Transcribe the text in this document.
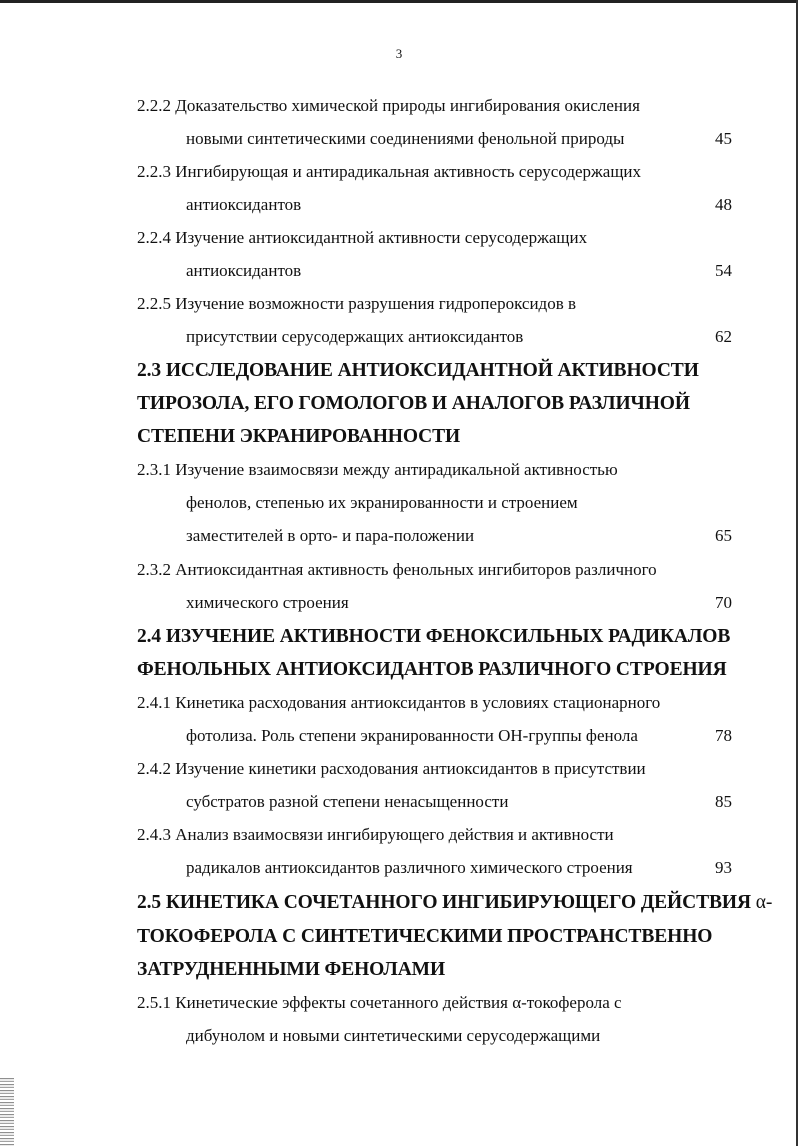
3
2.2.2 Доказательство химической природы ингибирования окисления
новыми синтетическими соединениями фенольной природы	45
2.2.3 Ингибирующая и антирадикальная активность серусодержащих
антиоксидантов	48
2.2.4 Изучение антиоксидантной активности серусодержащих
антиоксидантов	54
2.2.5 Изучение возможности разрушения гидропероксидов в
присутствии серусодержащих антиоксидантов	62
2.3 ИССЛЕДОВАНИЕ АНТИОКСИДАНТНОЙ АКТИВНОСТИ
ТИРОЗОЛА, ЕГО ГОМОЛОГОВ И АНАЛОГОВ РАЗЛИЧНОЙ
СТЕПЕНИ ЭКРАНИРОВАННОСТИ
2.3.1 Изучение взаимосвязи между антирадикальной активностью
фенолов, степенью их экранированности и строением
заместителей в орто- и пара-положении	65
2.3.2 Антиоксидантная активность фенольных ингибиторов различного
химического строения	70
2.4 ИЗУЧЕНИЕ АКТИВНОСТИ ФЕНОКСИЛЬНЫХ РАДИКАЛОВ
ФЕНОЛЬНЫХ АНТИОКСИДАНТОВ РАЗЛИЧНОГО СТРОЕНИЯ
2.4.1 Кинетика расходования антиоксидантов в условиях стационарного
фотолиза. Роль степени экранированности ОН-группы фенола	78
2.4.2 Изучение кинетики расходования антиоксидантов в присутствии
субстратов разной степени ненасыщенности	85
2.4.3 Анализ взаимосвязи ингибирующего действия и активности
радикалов антиоксидантов различного химического строения	93
2.5 КИНЕТИКА СОЧЕТАННОГО ИНГИБИРУЮЩЕГО ДЕЙСТВИЯ α-
ТОКОФЕРОЛА С СИНТЕТИЧЕСКИМИ ПРОСТРАНСТВЕННО
ЗАТРУДНЕННЫМИ ФЕНОЛАМИ
2.5.1 Кинетические эффекты сочетанного действия α-токоферола с
дибунолом и новыми синтетическими серусодержащими
